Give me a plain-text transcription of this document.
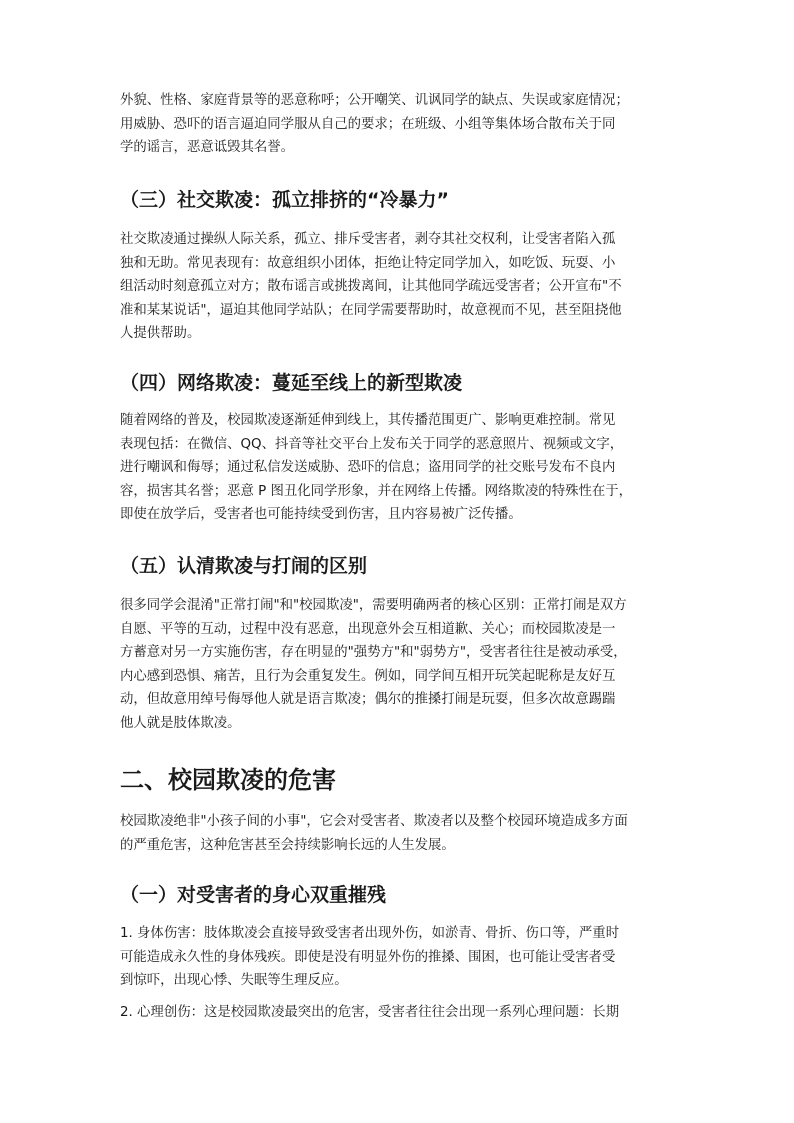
外貌、性格、家庭背景等的恶意称呼；公开嘲笑、讥讽同学的缺点、失误或家庭情况；
用威胁、恐吓的语言逼迫同学服从自己的要求；在班级、小组等集体场合散布关于同
学的谣言，恶意诋毁其名誉。

（三）社交欺凌：孤立排挤的“冷暴力”

社交欺凌通过操纵人际关系，孤立、排斥受害者，剥夺其社交权利，让受害者陷入孤
独和无助。常见表现有：故意组织小团体，拒绝让特定同学加入，如吃饭、玩耍、小
组活动时刻意孤立对方；散布谣言或挑拨离间，让其他同学疏远受害者；公开宣布"不
准和某某说话"，逼迫其他同学站队；在同学需要帮助时，故意视而不见，甚至阻挠他
人提供帮助。

（四）网络欺凌：蔓延至线上的新型欺凌

随着网络的普及，校园欺凌逐渐延伸到线上，其传播范围更广、影响更难控制。常见
表现包括：在微信、QQ、抖音等社交平台上发布关于同学的恶意照片、视频或文字，
进行嘲讽和侮辱；通过私信发送威胁、恐吓的信息；盗用同学的社交账号发布不良内
容，损害其名誉；恶意 P 图丑化同学形象，并在网络上传播。网络欺凌的特殊性在于，
即使在放学后，受害者也可能持续受到伤害，且内容易被广泛传播。

（五）认清欺凌与打闹的区别

很多同学会混淆"正常打闹"和"校园欺凌"，需要明确两者的核心区别：正常打闹是双方
自愿、平等的互动，过程中没有恶意，出现意外会互相道歉、关心；而校园欺凌是一
方蓄意对另一方实施伤害，存在明显的"强势方"和"弱势方"，受害者往往是被动承受，
内心感到恐惧、痛苦，且行为会重复发生。例如，同学间互相开玩笑起昵称是友好互
动，但故意用绰号侮辱他人就是语言欺凌；偶尔的推搡打闹是玩耍，但多次故意踢踹
他人就是肢体欺凌。

二、校园欺凌的危害

校园欺凌绝非"小孩子间的小事"，它会对受害者、欺凌者以及整个校园环境造成多方面
的严重危害，这种危害甚至会持续影响长远的人生发展。

（一）对受害者的身心双重摧残

1. 身体伤害：肢体欺凌会直接导致受害者出现外伤，如淤青、骨折、伤口等，严重时
可能造成永久性的身体残疾。即使是没有明显外伤的推搡、围困，也可能让受害者受
到惊吓，出现心悸、失眠等生理反应。

2. 心理创伤：这是校园欺凌最突出的危害，受害者往往会出现一系列心理问题：长期
